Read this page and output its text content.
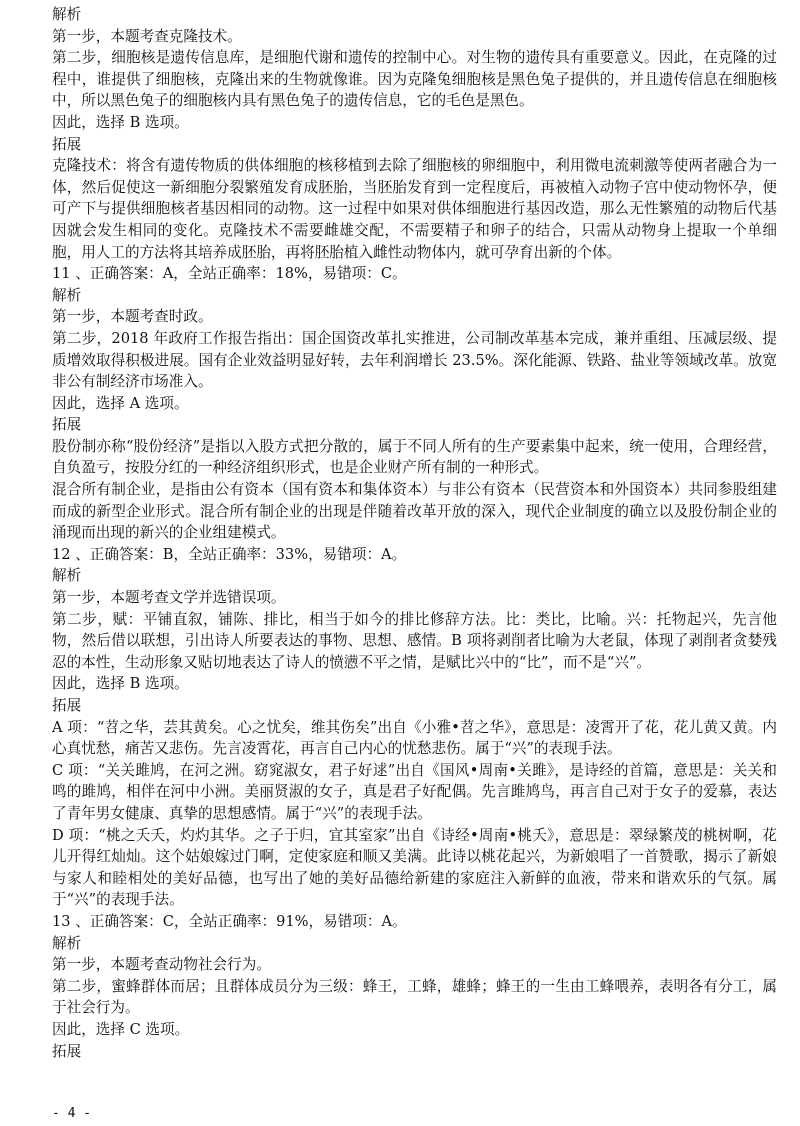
解析
第一步，本题考查克隆技术。
第二步，细胞核是遗传信息库，是细胞代谢和遗传的控制中心。对生物的遗传具有重要意义。因此，在克隆的过程中，谁提供了细胞核，克隆出来的生物就像谁。因为克隆兔细胞核是黑色兔子提供的，并且遗传信息在细胞核中，所以黑色兔子的细胞核内具有黑色兔子的遗传信息，它的毛色是黑色。
因此，选择 B 选项。
拓展
克隆技术：将含有遗传物质的供体细胞的核移植到去除了细胞核的卵细胞中，利用微电流刺激等使两者融合为一体，然后促使这一新细胞分裂繁殖发育成胚胎，当胚胎发育到一定程度后，再被植入动物子宫中使动物怀孕，便可产下与提供细胞核者基因相同的动物。这一过程中如果对供体细胞进行基因改造，那么无性繁殖的动物后代基因就会发生相同的变化。克隆技术不需要雌雄交配，不需要精子和卵子的结合，只需从动物身上提取一个单细胞，用人工的方法将其培养成胚胎，再将胚胎植入雌性动物体内，就可孕育出新的个体。
11 、正确答案：A，全站正确率：18%，易错项：C。
解析
第一步，本题考查时政。
第二步，2018 年政府工作报告指出：国企国资改革扎实推进，公司制改革基本完成，兼并重组、压减层级、提质增效取得积极进展。国有企业效益明显好转，去年利润增长 23.5%。深化能源、铁路、盐业等领域改革。放宽非公有制经济市场准入。
因此，选择 A 选项。
拓展
股份制亦称“股份经济”是指以入股方式把分散的，属于不同人所有的生产要素集中起来，统一使用，合理经营，自负盈亏，按股分红的一种经济组织形式，也是企业财产所有制的一种形式。
混合所有制企业，是指由公有资本（国有资本和集体资本）与非公有资本（民营资本和外国资本）共同参股组建而成的新型企业形式。混合所有制企业的出现是伴随着改革开放的深入，现代企业制度的确立以及股份制企业的涌现而出现的新兴的企业组建模式。
12 、正确答案：B，全站正确率：33%，易错项：A。
解析
第一步，本题考查文学并选错误项。
第二步，赋：平铺直叙，铺陈、排比，相当于如今的排比修辞方法。比：类比，比喻。兴：托物起兴，先言他物，然后借以联想，引出诗人所要表达的事物、思想、感情。B 项将剥削者比喻为大老鼠，体现了剥削者贪婪残忍的本性，生动形象又贴切地表达了诗人的愤懑不平之情，是赋比兴中的“比”，而不是“兴”。
因此，选择 B 选项。
拓展
A 项：“苕之华，芸其黄矣。心之忧矣，维其伤矣”出自《小雅•苕之华》，意思是：凌霄开了花，花儿黄又黄。内心真忧愁，痛苦又悲伤。先言凌霄花，再言自己内心的忧愁悲伤。属于“兴”的表现手法。
C 项：“关关雎鸠，在河之洲。窈窕淑女，君子好逑”出自《国风•周南•关雎》，是诗经的首篇，意思是：关关和鸣的雎鸠，相伴在河中小洲。美丽贤淑的女子，真是君子好配偶。先言雎鸠鸟，再言自己对于女子的爱慕，表达了青年男女健康、真挚的思想感情。属于“兴”的表现手法。
D 项：“桃之夭夭，灼灼其华。之子于归，宜其室家”出自《诗经•周南•桃夭》，意思是：翠绿繁茂的桃树啊，花儿开得红灿灿。这个姑娘嫁过门啊，定使家庭和顺又美满。此诗以桃花起兴，为新娘唱了一首赞歌，揭示了新娘与家人和睦相处的美好品德，也写出了她的美好品德给新建的家庭注入新鲜的血液，带来和谐欢乐的气氛。属于“兴”的表现手法。
13 、正确答案：C，全站正确率：91%，易错项：A。
解析
第一步，本题考查动物社会行为。
第二步，蜜蜂群体而居；且群体成员分为三级：蜂王，工蜂，雄蜂；蜂王的一生由工蜂喂养，表明各有分工，属于社会行为。
因此，选择 C 选项。
拓展
- 4 -
